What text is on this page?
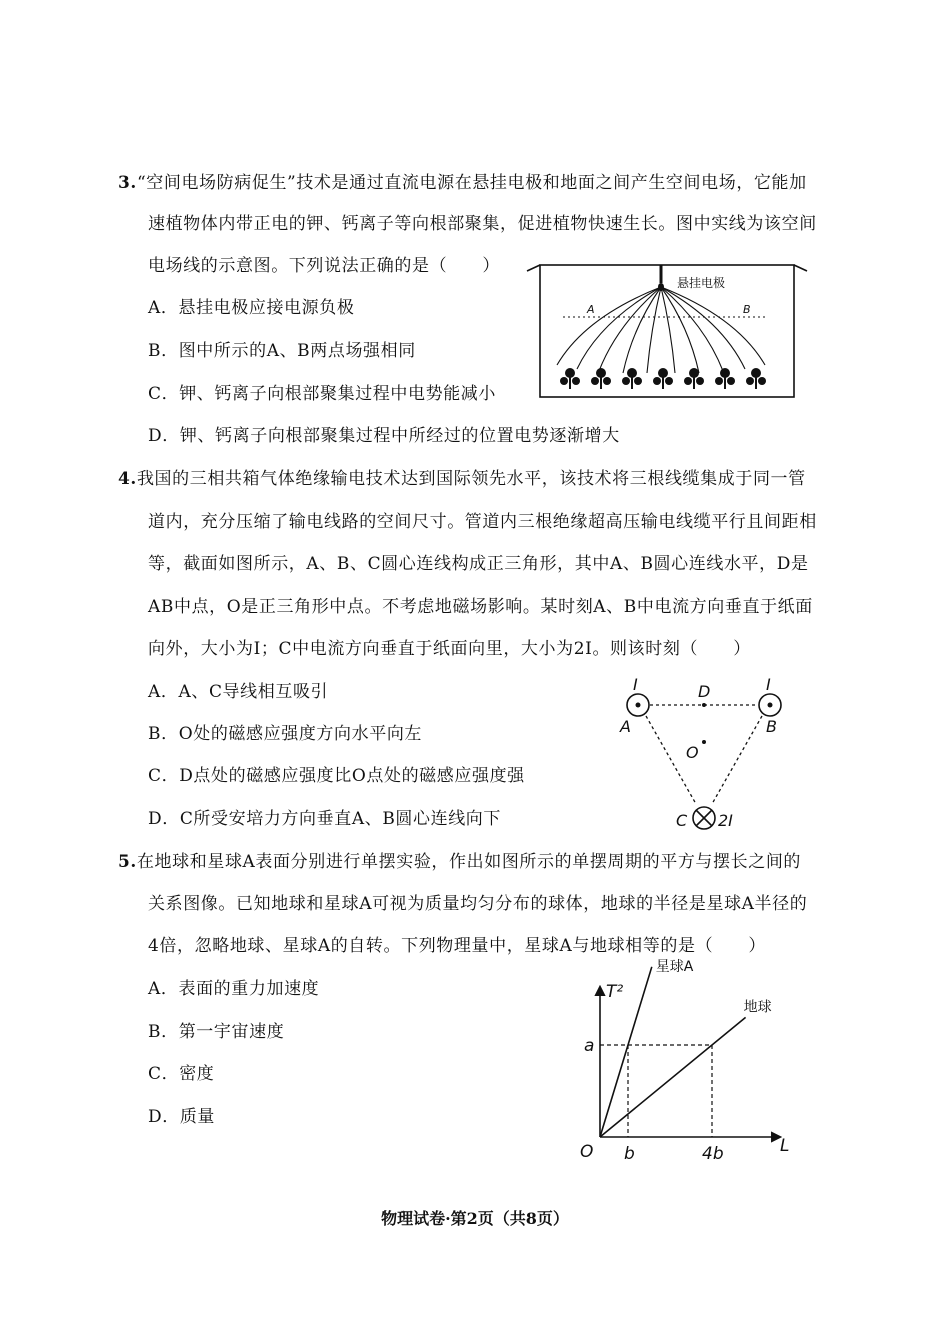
3.“空间电场防病促生”技术是通过直流电源在悬挂电极和地面之间产生空间电场，它能加
速植物体内带正电的钾、钙离子等向根部聚集，促进植物快速生长。图中实线为该空间
电场线的示意图。下列说法正确的是（　　）
A．悬挂电极应接电源负极
B．图中所示的A、B两点场强相同
C．钾、钙离子向根部聚集过程中电势能减小
D．钾、钙离子向根部聚集过程中所经过的位置电势逐渐增大
悬挂电极
A	B
4.我国的三相共箱气体绝缘输电技术达到国际领先水平，该技术将三根线缆集成于同一管
道内，充分压缩了输电线路的空间尺寸。管道内三根绝缘超高压输电线缆平行且间距相
等，截面如图所示，A、B、C圆心连线构成正三角形，其中A、B圆心连线水平，D是
AB中点，O是正三角形中点。不考虑地磁场影响。某时刻A、B中电流方向垂直于纸面
向外，大小为I；C中电流方向垂直于纸面向里，大小为2I。则该时刻（　　）
A．A、C导线相互吸引
B．O处的磁感应强度方向水平向左
C．D点处的磁感应强度比O点处的磁感应强度强
D．C所受安培力方向垂直A、B圆心连线向下
I	I
A	B
D
O
C 2I
5.在地球和星球A表面分别进行单摆实验，作出如图所示的单摆周期的平方与摆长之间的
关系图像。已知地球和星球A可视为质量均匀分布的球体，地球的半径是星球A半径的
4倍，忽略地球、星球A的自转。下列物理量中，星球A与地球相等的是（　　）
A．表面的重力加速度
B．第一宇宙速度
C．密度
D．质量
星球A
地球
b	4b
a
T²
L
O
物理试卷·第2页（共8页）
